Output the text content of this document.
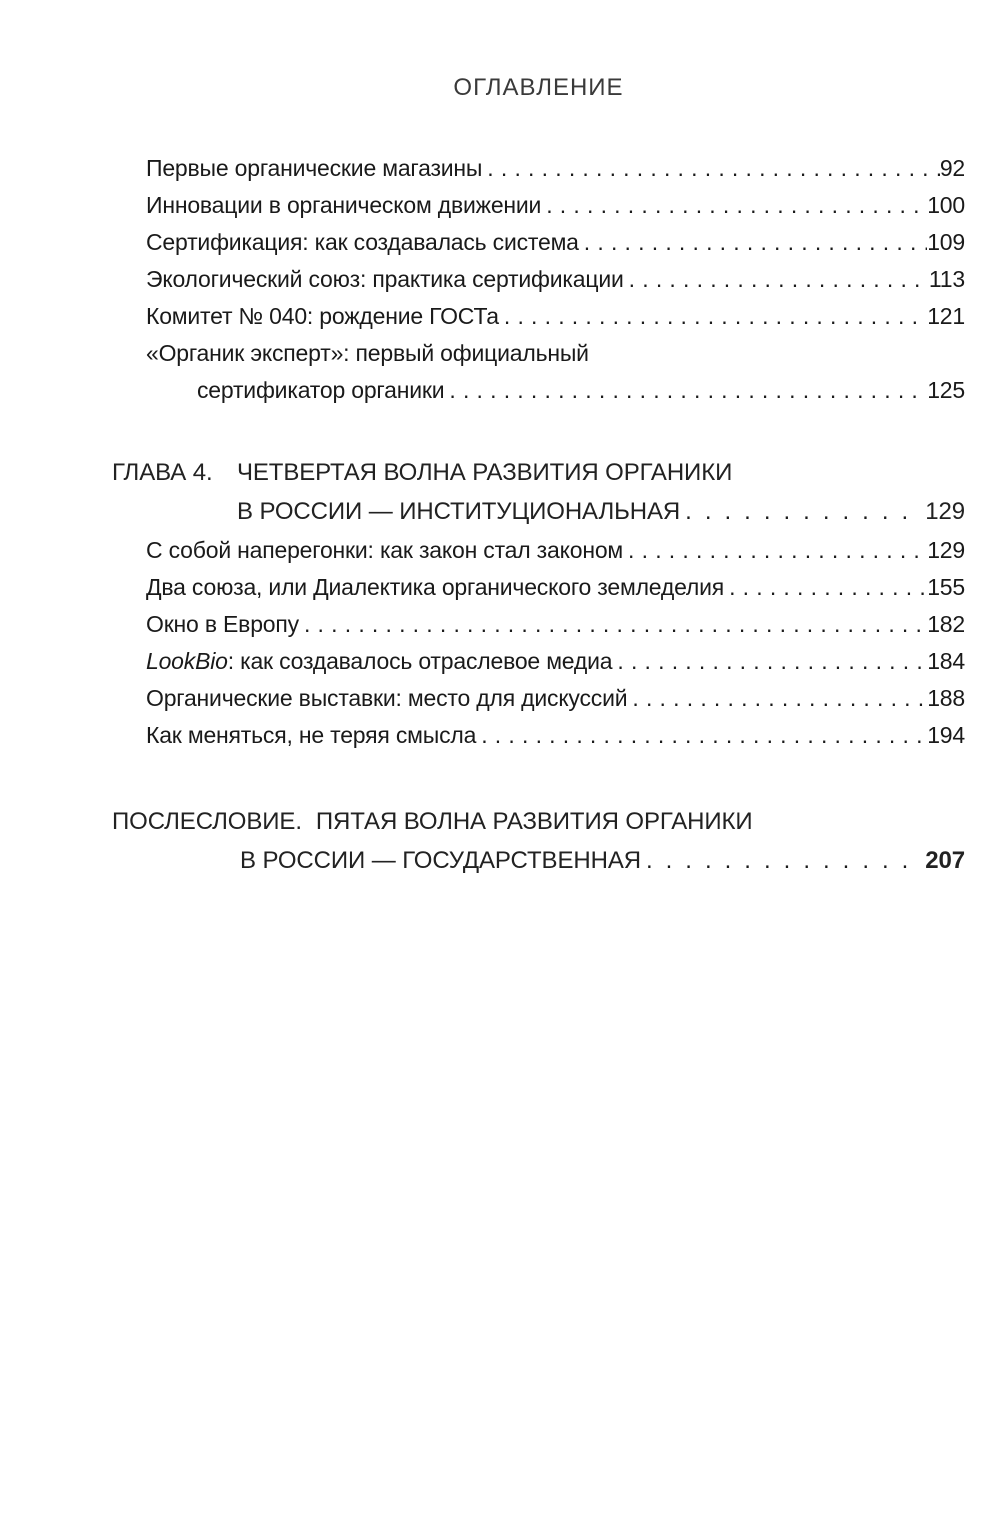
ОГЛАВЛЕНИЕ
Первые органические магазины .....	92
Инновации в органическом движении .....	100
Сертификация: как создавалась система .....	109
Экологический союз: практика сертификации .....	113
Комитет № 040: рождение ГОСТа .....	121
«Органик эксперт»: первый официальный
сертификатор органики .....	125
ГЛАВА 4.	ЧЕТВЕРТАЯ ВОЛНА РАЗВИТИЯ ОРГАНИКИ
В РОССИИ — ИНСТИТУЦИОНАЛЬНАЯ .....	129
С собой наперегонки: как закон стал законом .....	129
Два союза, или Диалектика органического земледелия .....	155
Окно в Европу .....	182
LookBio: как создавалось отраслевое медиа .....	184
Органические выставки: место для дискуссий .....	188
Как меняться, не теряя смысла .....	194
ПОСЛЕСЛОВИЕ. ПЯТАЯ ВОЛНА РАЗВИТИЯ ОРГАНИКИ
В РОССИИ — ГОСУДАРСТВЕННАЯ .....	207
